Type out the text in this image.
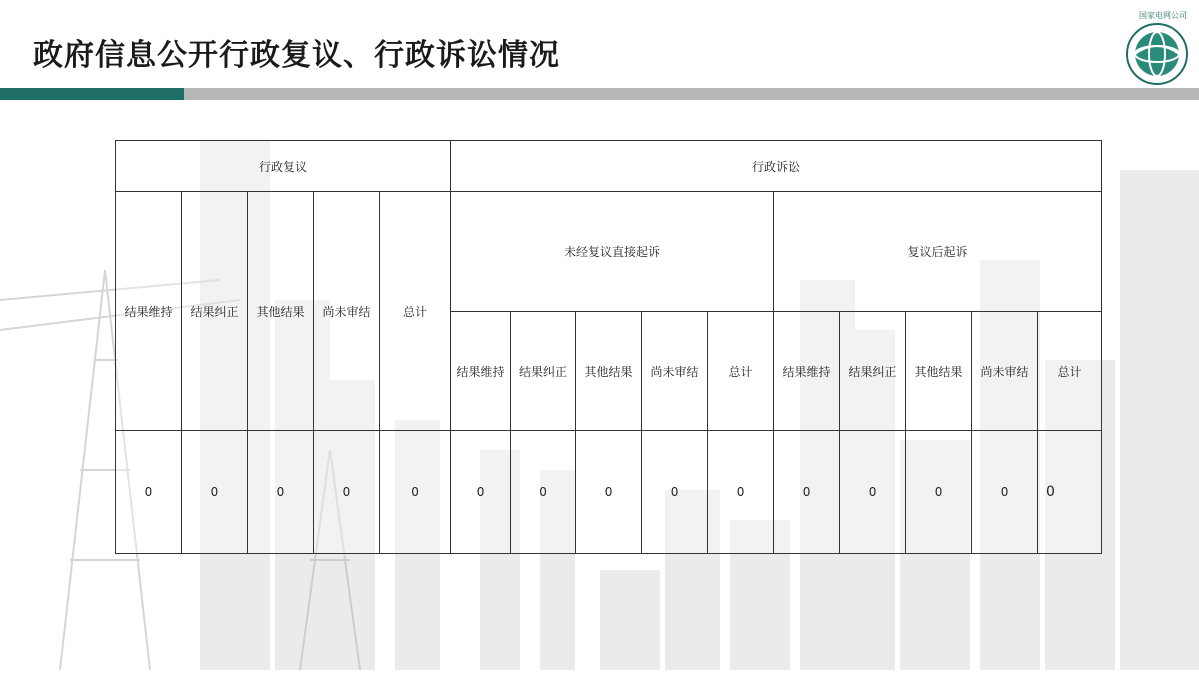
政府信息公开行政复议、行政诉讼情况
国家电网公司
行政复议					行政诉讼									
结果维持	结果纠正	其他结果	尚未审结	总计	未经复议直接起诉					复议后起诉				
					结果维持	结果纠正	其他结果	尚未审结	总计	结果维持	结果纠正	其他结果	尚未审结	总计
0	0	0	0	0	0	0	0	0	0	0	0	0	0	0
